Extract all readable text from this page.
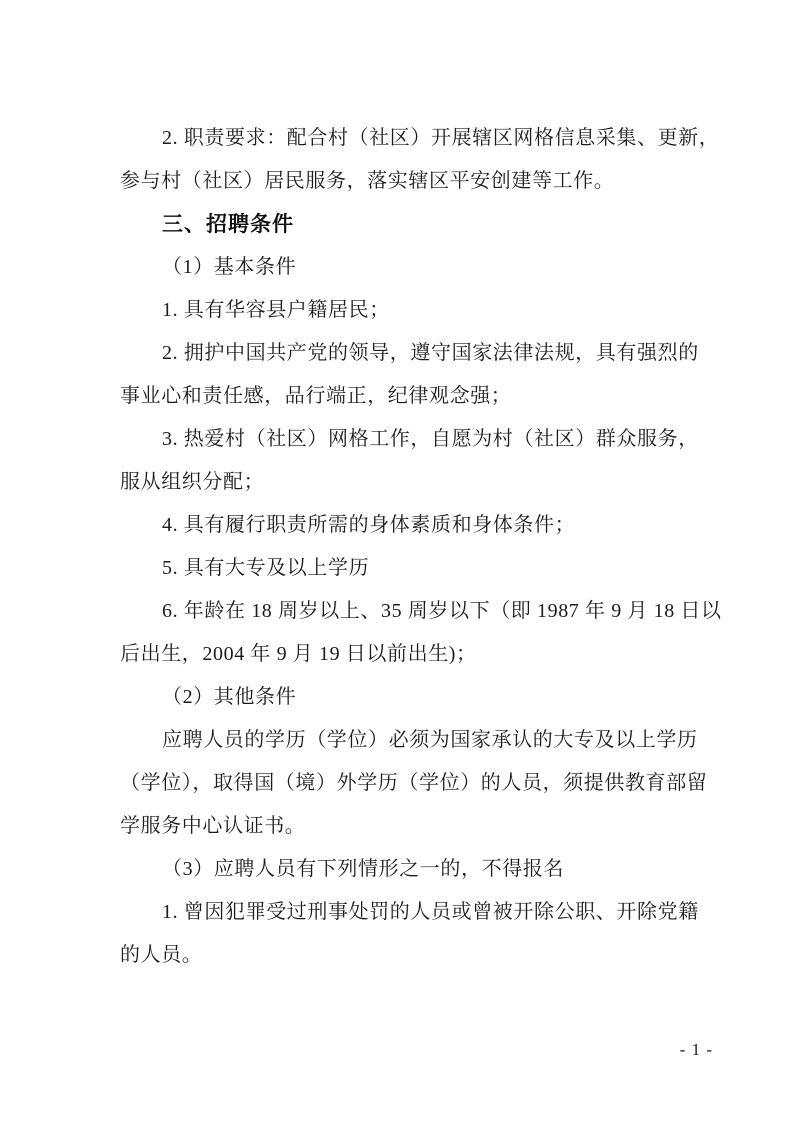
2. 职责要求：配合村（社区）开展辖区网格信息采集、更新，
参与村（社区）居民服务，落实辖区平安创建等工作。
三、招聘条件
（1）基本条件
1. 具有华容县户籍居民；
2. 拥护中国共产党的领导，遵守国家法律法规，具有强烈的
事业心和责任感，品行端正，纪律观念强；
3. 热爱村（社区）网格工作，自愿为村（社区）群众服务，
服从组织分配；
4. 具有履行职责所需的身体素质和身体条件；
5. 具有大专及以上学历
6. 年龄在 18 周岁以上、35 周岁以下（即 1987 年 9 月 18 日以
后出生，2004 年 9 月 19 日以前出生)；
（2）其他条件
应聘人员的学历（学位）必须为国家承认的大专及以上学历
（学位），取得国（境）外学历（学位）的人员，须提供教育部留
学服务中心认证书。
（3）应聘人员有下列情形之一的，不得报名
1. 曾因犯罪受过刑事处罚的人员或曾被开除公职、开除党籍
的人员。
- 1 -
